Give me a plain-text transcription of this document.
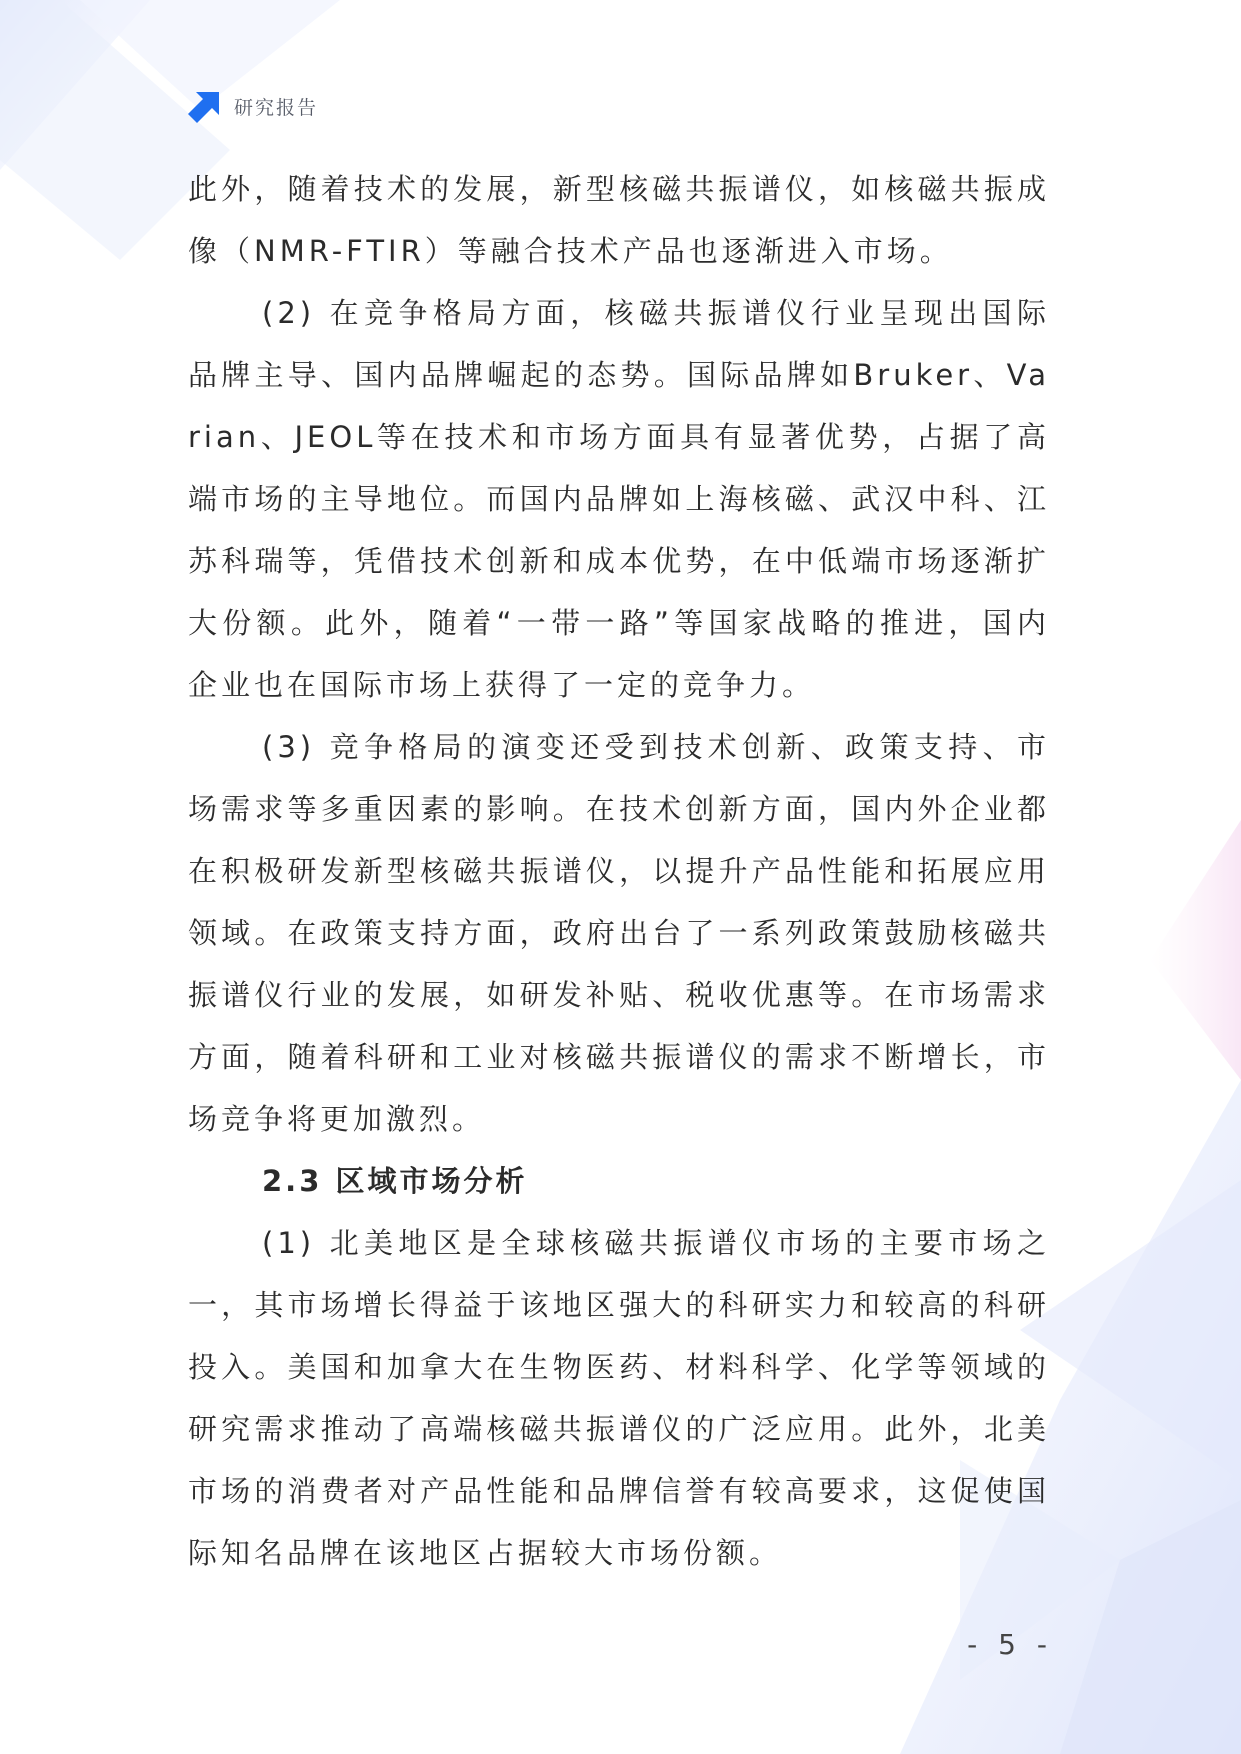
研究报告

此外，随着技术的发展，新型核磁共振谱仪，如核磁共振成像（NMR-FTIR）等融合技术产品也逐渐进入市场。

(2) 在竞争格局方面，核磁共振谱仪行业呈现出国际品牌主导、国内品牌崛起的态势。国际品牌如Bruker、Varian、JEOL等在技术和市场方面具有显著优势，占据了高端市场的主导地位。而国内品牌如上海核磁、武汉中科、江苏科瑞等，凭借技术创新和成本优势，在中低端市场逐渐扩大份额。此外，随着“一带一路”等国家战略的推进，国内企业也在国际市场上获得了一定的竞争力。

(3) 竞争格局的演变还受到技术创新、政策支持、市场需求等多重因素的影响。在技术创新方面，国内外企业都在积极研发新型核磁共振谱仪，以提升产品性能和拓展应用领域。在政策支持方面，政府出台了一系列政策鼓励核磁共振谱仪行业的发展，如研发补贴、税收优惠等。在市场需求方面，随着科研和工业对核磁共振谱仪的需求不断增长，市场竞争将更加激烈。

2.3 区域市场分析

(1) 北美地区是全球核磁共振谱仪市场的主要市场之一，其市场增长得益于该地区强大的科研实力和较高的科研投入。美国和加拿大在生物医药、材料科学、化学等领域的研究需求推动了高端核磁共振谱仪的广泛应用。此外，北美市场的消费者对产品性能和品牌信誉有较高要求，这促使国际知名品牌在该地区占据较大市场份额。

- 5 -
